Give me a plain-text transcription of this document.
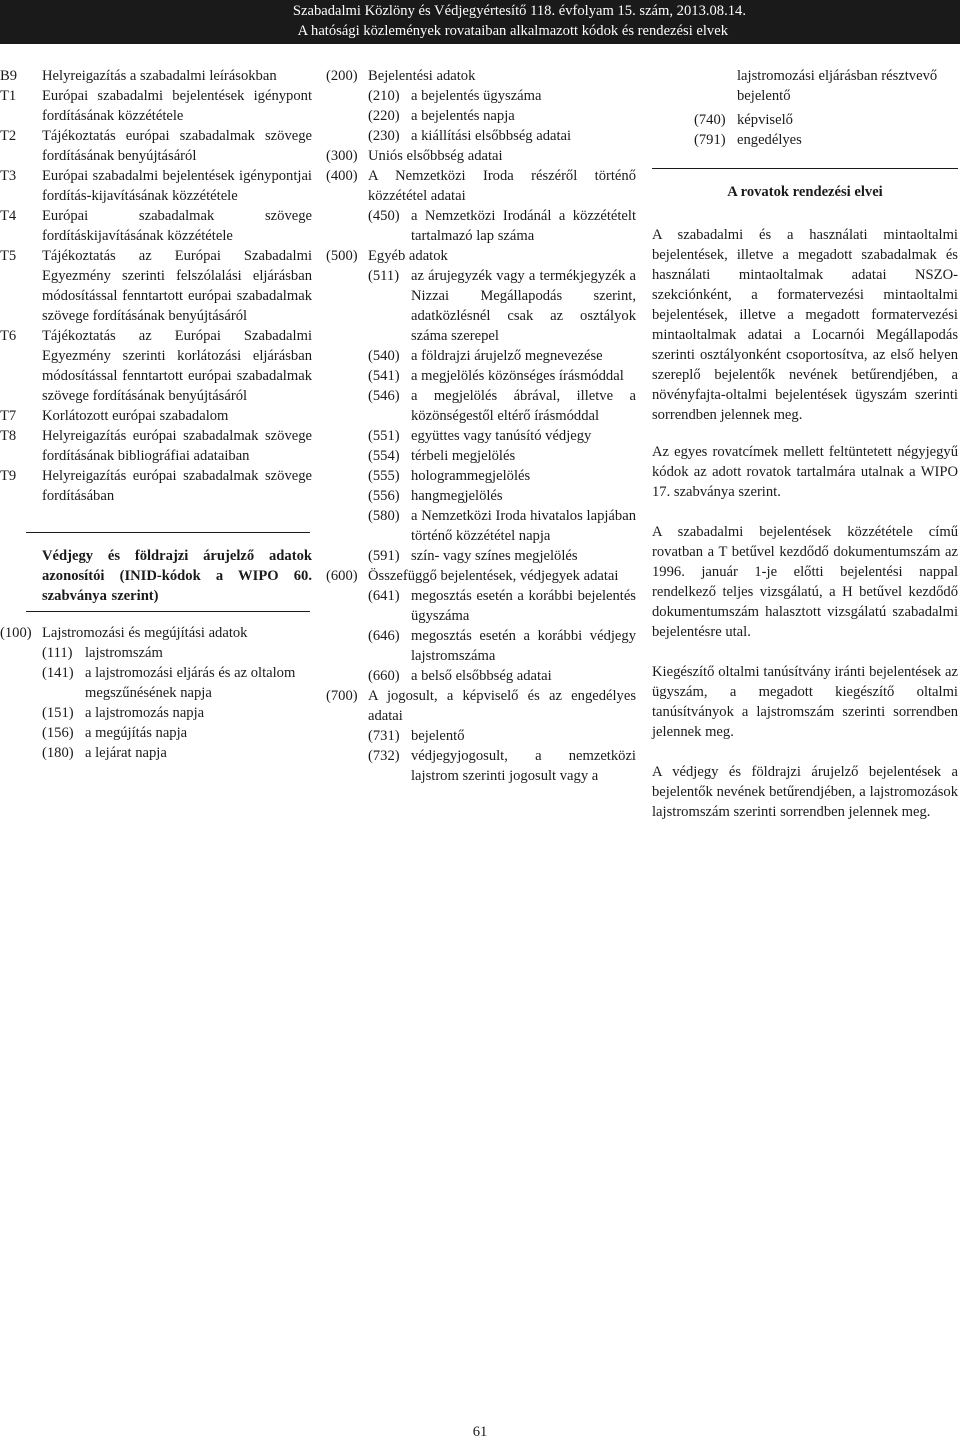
Szabadalmi Közlöny és Védjegyértesítő 118. évfolyam 15. szám, 2013.08.14.
A hatósági közlemények rovataiban alkalmazott kódok és rendezési elvek
B9 Helyreigazítás a szabadalmi leírásokban
T1 Európai szabadalmi bejelentések igénypont fordításának közzététele
T2 Tájékoztatás európai szabadalmak szövege fordításának benyújtásáról
T3 Európai szabadalmi bejelentések igénypontjai fordítás-kijavításának közzététele
T4 Európai szabadalmak szövege fordításkijavításának közzététele
T5 Tájékoztatás az Európai Szabadalmi Egyezmény szerinti felszólalási eljárásban módosítással fenntartott európai szabadalmak szövege fordításának benyújtásáról
T6 Tájékoztatás az Európai Szabadalmi Egyezmény szerinti korlátozási eljárásban módosítással fenntartott európai szabadalmak szövege fordításának benyújtásáról
T7 Korlátozott európai szabadalom
T8 Helyreigazítás európai szabadalmak szövege fordításának bibliográfiai adataiban
T9 Helyreigazítás európai szabadalmak szövege fordításában
Védjegy és földrajzi árujelző adatok azonosítói (INID-kódok a WIPO 60. szabványa szerint)
(100) Lajstromozási és megújítási adatok
(111) lajstromszám
(141) a lajstromozási eljárás és az oltalom megszűnésének napja
(151) a lajstromozás napja
(156) a megújítás napja
(180) a lejárat napja
(200) Bejelentési adatok
(210) a bejelentés ügyszáma
(220) a bejelentés napja
(230) a kiállítási elsőbbség adatai
(300) Uniós elsőbbség adatai
(400) A Nemzetközi Iroda részéről történő közzététel adatai
(450) a Nemzetközi Irodánál a közzétételt tartalmazó lap száma
(500) Egyéb adatok
(511) az árujegyzék vagy a termékjegyzék a Nizzai Megállapodás szerint, adatközlésnél csak az osztályok száma szerepel
(540) a földrajzi árujelző megnevezése
(541) a megjelölés közönséges írásmóddal
(546) a megjelölés ábrával, illetve a közönségestől eltérő írásmóddal
(551) együttes vagy tanúsító védjegy
(554) térbeli megjelölés
(555) hologrammegjelölés
(556) hangmegjelölés
(580) a Nemzetközi Iroda hivatalos lapjában történő közzététel napja
(591) szín- vagy színes megjelölés
(600) Összefüggő bejelentések, védjegyek adatai
(641) megosztás esetén a korábbi bejelentés ügyszáma
(646) megosztás esetén a korábbi védjegy lajstromszáma
(660) a belső elsőbbség adatai
(700) A jogosult, a képviselő és az engedélyes adatai
(731) bejelentő
(732) védjegyjogosult, a nemzetközi lajstrom szerinti jogosult vagy a
lajstromozási eljárásban résztvevő bejelentő
(740) képviselő
(791) engedélyes
A rovatok rendezési elvei

A szabadalmi és a használati mintaoltalmi bejelentések, illetve a megadott szabadalmak és használati mintaoltalmak adatai NSZO-szekciónként, a formatervezési mintaoltalmi bejelentések, illetve a megadott formatervezési mintaoltalmak adatai a Locarnói Megállapodás szerinti osztályonként csoportosítva, az első helyen szereplő bejelentők nevének betűrendjében, a növényfajta-oltalmi bejelentések ügyszám szerinti sorrendben jelennek meg.

Az egyes rovatcímek mellett feltüntetett négyjegyű kódok az adott rovatok tartalmára utalnak a WIPO 17. szabványa szerint.

A szabadalmi bejelentések közzététele című rovatban a T betűvel kezdődő dokumentumszám az 1996. január 1-je előtti bejelentési nappal rendelkező teljes vizsgálatú, a H betűvel kezdődő dokumentumszám halasztott vizsgálatú szabadalmi bejelentésre utal.

Kiegészítő oltalmi tanúsítvány iránti bejelentések az ügyszám, a megadott kiegészítő oltalmi tanúsítványok a lajstromszám szerinti sorrendben jelennek meg.

A védjegy és földrajzi árujelző bejelentések a bejelentők nevének betűrendjében, a lajstromozások lajstromszám szerinti sorrendben jelennek meg.

61
